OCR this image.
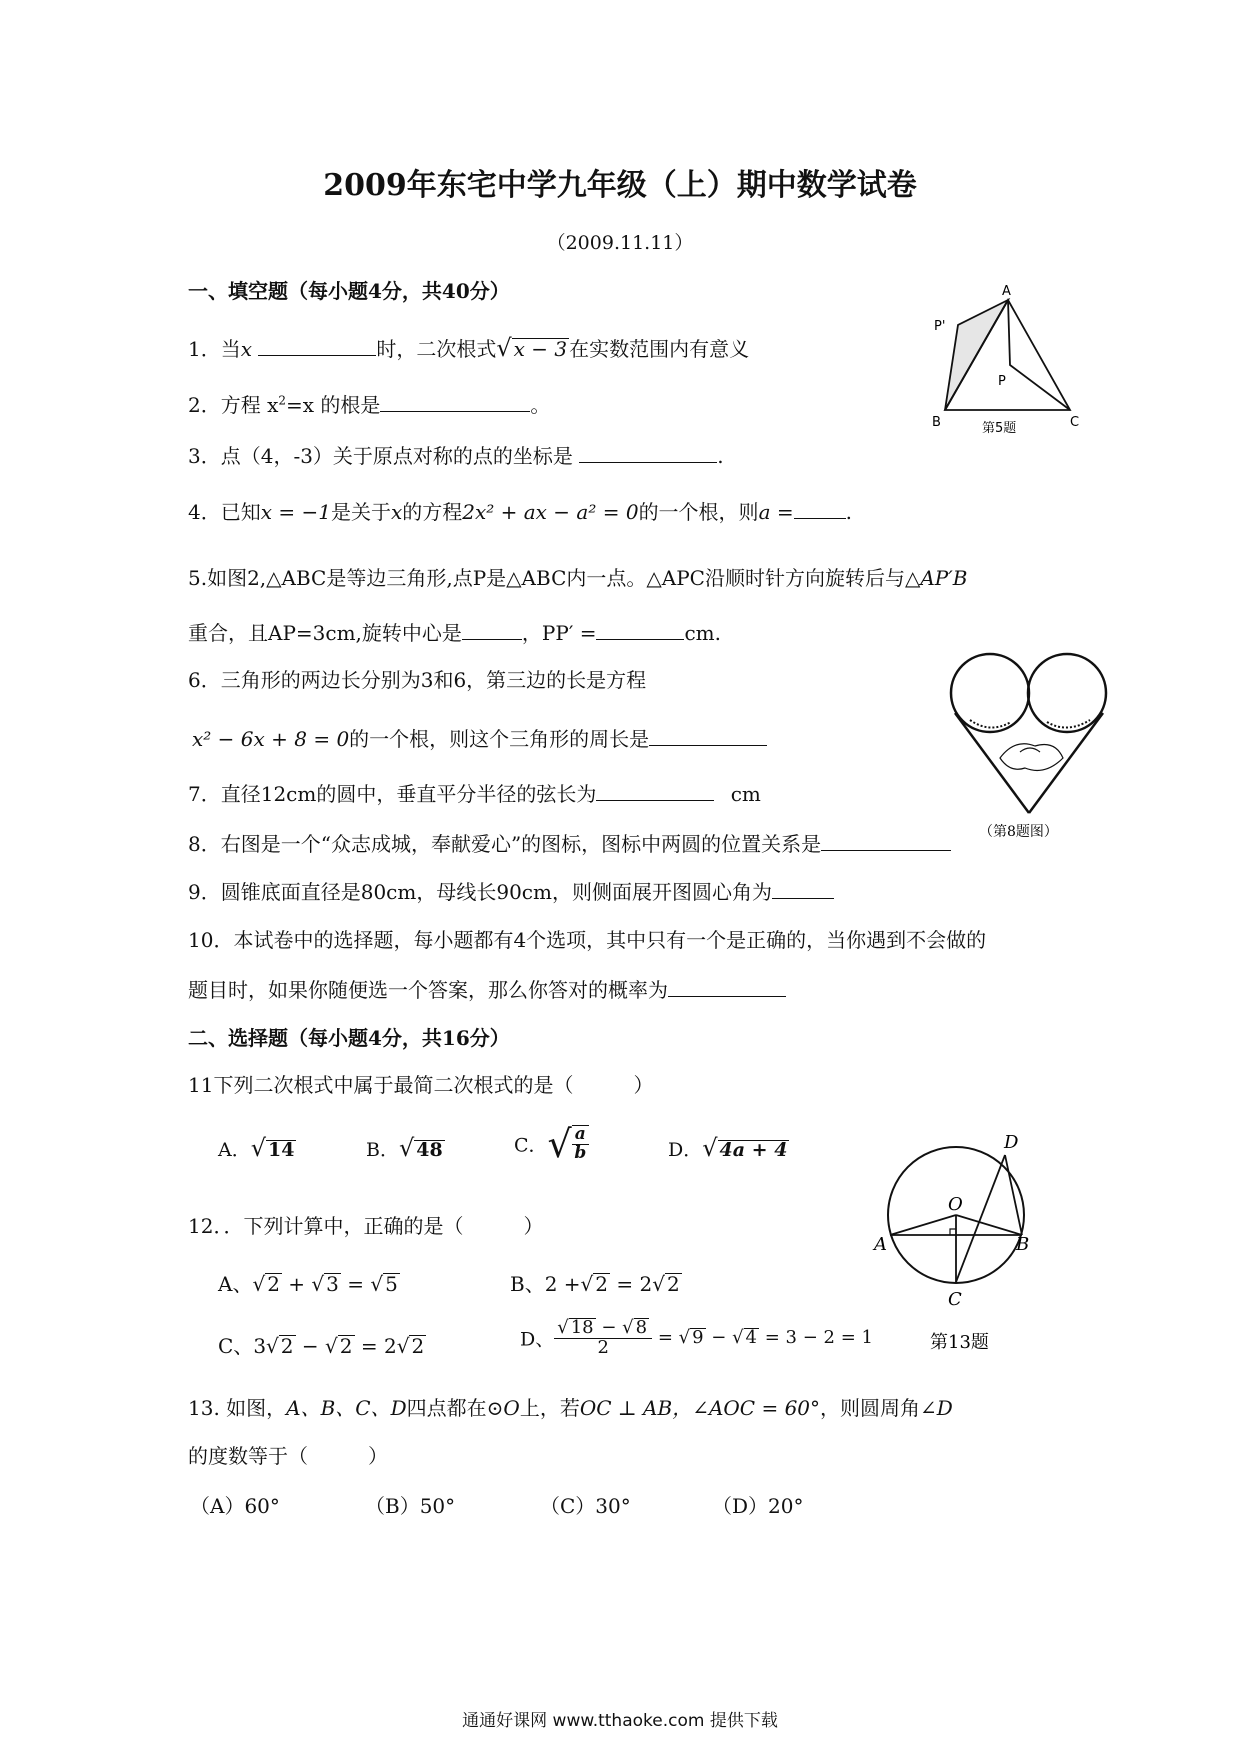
2009年东宅中学九年级（上）期中数学试卷
（2009.11.11）
一、填空题（每小题4分，共40分）
1．当x	时，二次根式√ x − 3 在实数范围内有意义
2．方程 $x^2=x$ 的根是	。
3．点（4，-3）关于原点对称的点的坐标是	.
4．已知x = −1是关于x的方程2x² + ax − a² = 0的一个根，则a =	.
5.如图2,△ABC是等边三角形,点P是△ABC内一点。△APC沿顺时针方向旋转后与△AP′B
重合，且AP=3cm,旋转中心是	，PP′ =	cm.
6．三角形的两边长分别为3和6，第三边的长是方程
x² − 6x + 8 = 0的一个根，则这个三角形的周长是
7．直径12cm的圆中，垂直平分半径的弦长为	cm
8．右图是一个“众志成城，奉献爱心”的图标，图标中两圆的位置关系是
9．圆锥底面直径是80cm，母线长90cm，则侧面展开图圆心角为
10．本试卷中的选择题，每小题都有4个选项，其中只有一个是正确的，当你遇到不会做的
题目时，如果你随便选一个答案，那么你答对的概率为
二、选择题（每小题4分，共16分）
11下列二次根式中属于最简二次根式的是（　　　）
A．√ 14	B．√ 48	C．√ $\frac{a}{b}$	D．√ 4a + 4
12．．下列计算中，正确的是（　　　）
A、√ 2 + √ 3 = √ 5	B、2 +√ 2 = 2√ 2
C、3√ 2 − √ 2 = 2√ 2	D、 $\frac{√ 18 - √ 8}{2}$ = √ 9 − √ 4 = 3 − 2 = 1
13. 如图，A、B、C、D四点都在⊙O上，若OC ⊥ AB，∠AOC = 60°，则圆周角∠D
的度数等于（　　　）
（A）60°	（B）50°	（C）30°	（D）20°
A
B	C
P
P'
第5题
（第8题图）
O
A	B
C
D
第13题
通通好课网 www.tthaoke.com 提供下载
